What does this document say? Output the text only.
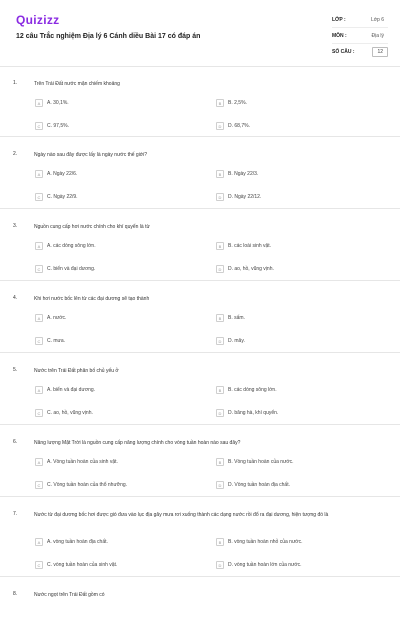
Quizizz
12 câu Trắc nghiệm Địa lý 6 Cánh diều Bài 17 có đáp án
LỚP :	Lớp 6
MÔN :	Địa lý
SỐ CÂU :	12
1.	Trên Trái Đất nước mặn chiếm khoảng
A	A. 30,1%.	B	B. 2,5%.
C	C. 97,5%.	D	D. 68,7%.
2.	Ngày nào sau đây được lấy là ngày nước thế giới?
A	A. Ngày 22/6.	B	B. Ngày 22/3.
C	C. Ngày 22/9.	D	D. Ngày 22/12.
3.	Nguồn cung cấp hơi nước chính cho khí quyển là từ
A	A. các dòng sông lớn.	B	B. các loài sinh vật.
C	C. biển và đại dương.	D	D. ao, hồ, vũng vịnh.
4.	Khi hơi nước bốc lên từ các đại dương sẽ tạo thành
A	A. nước.	B	B. sấm.
C	C. mưa.	D	D. mây.
5.	Nước trên Trái Đất phân bố chủ yếu ở
A	A. biển và đại dương.	B	B. các dòng sông lớn.
C	C. ao, hồ, vũng vịnh.	D	D. băng hà, khí quyển.
6.	Năng lượng Mặt Trời là nguồn cung cấp năng lượng chính cho vòng tuần hoàn nào sau đây?
A	A. Vòng tuần hoàn của sinh vật.	B	B. Vòng tuần hoàn của nước.
C	C. Vòng tuần hoàn của thổ nhưỡng.	D	D. Vòng tuần hoàn địa chất.
7.	Nước từ đại dương bốc hơi được gió đưa vào lục địa gây mưa rơi xuống thành các dạng nước rồi đổ ra đại dương, hiện tượng đó là
A	A. vòng tuần hoàn địa chất.	B	B. vòng tuần hoàn nhỏ của nước.
C	C. vòng tuần hoàn của sinh vật.	D	D. vòng tuần hoàn lớn của nước.
8.	Nước ngọt trên Trái Đất gồm có
